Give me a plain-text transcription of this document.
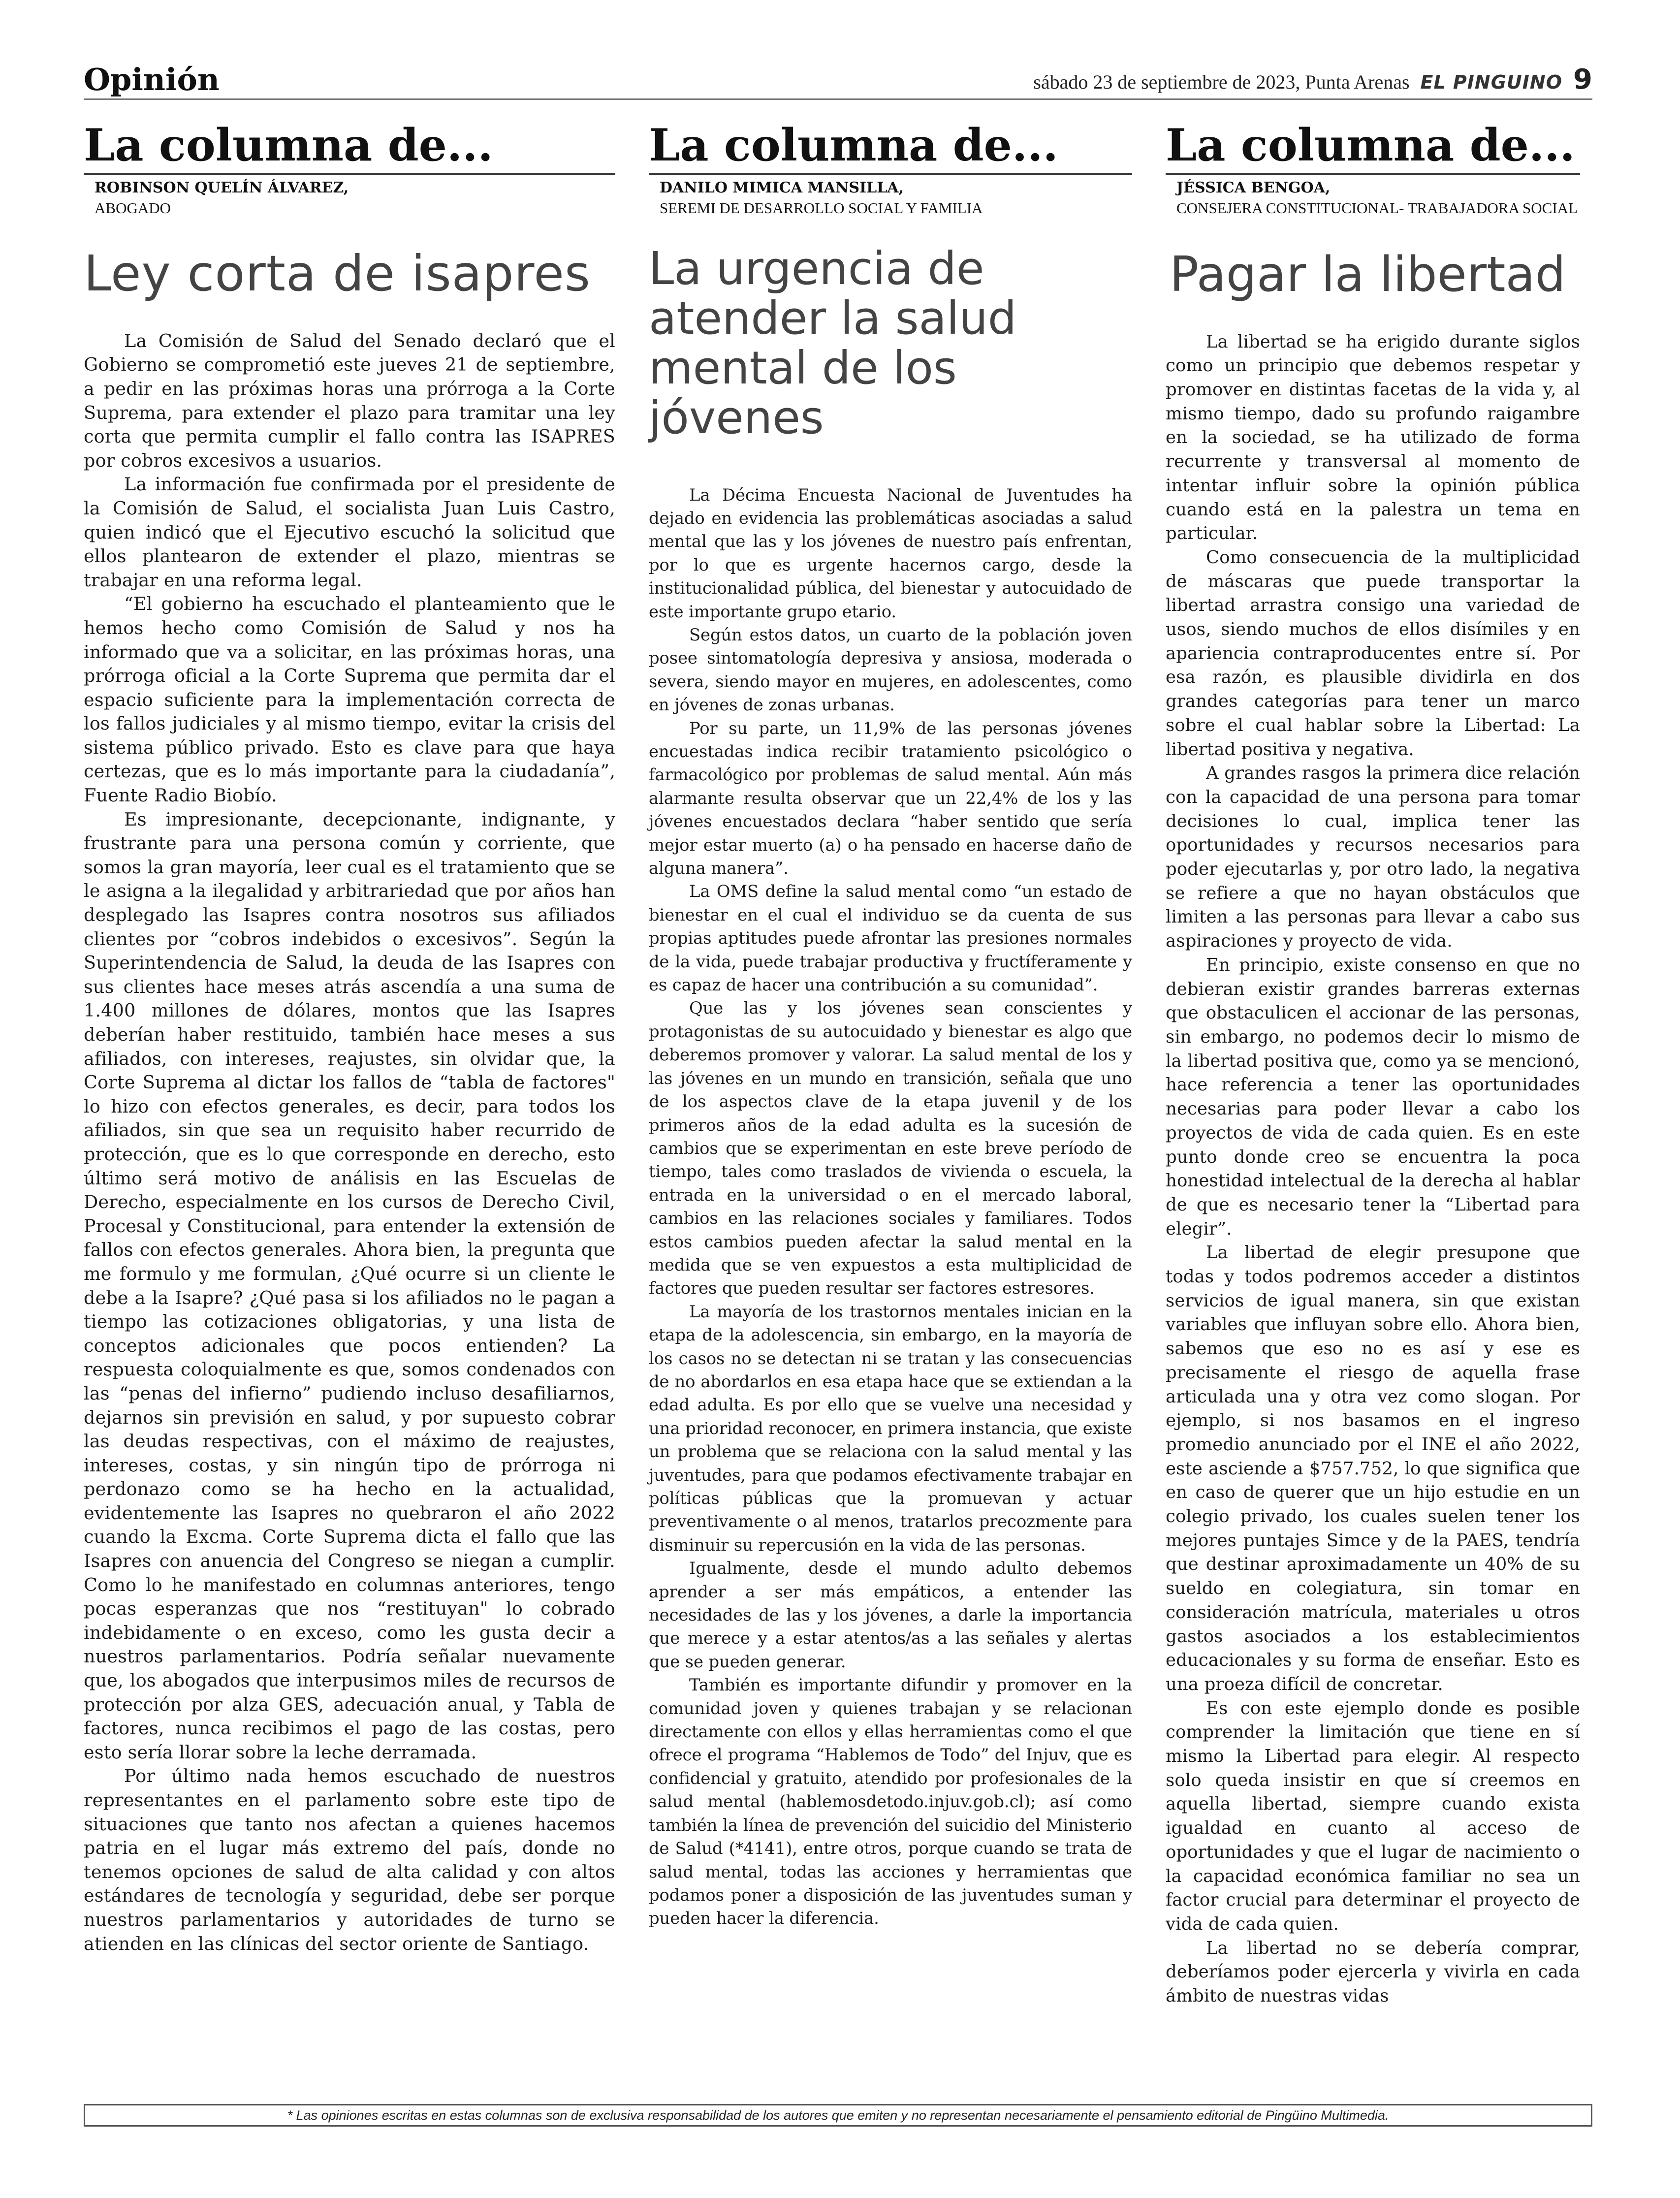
Opinión	sábado 23 de septiembre de 2023, Punta Arenas EL PINGUINO 9
La columna de...
ROBINSON QUELÍN ÁLVAREZ,
ABOGADO
Ley corta de isapres

La Comisión de Salud del Senado declaró que el Gobierno se comprometió este jueves 21 de septiembre, a pedir en las próximas horas una prórroga a la Corte Suprema, para extender el plazo para tramitar una ley corta que permita cumplir el fallo contra las ISAPRES por cobros excesivos a usuarios.

La información fue confirmada por el presidente de la Comisión de Salud, el socialista Juan Luis Castro, quien indicó que el Ejecutivo escuchó la solicitud que ellos plantearon de extender el plazo, mientras se trabajar en una reforma legal.

“El gobierno ha escuchado el planteamiento que le hemos hecho como Comisión de Salud y nos ha informado que va a solicitar, en las próximas horas, una prórroga oficial a la Corte Suprema que permita dar el espacio suficiente para la implementación correcta de los fallos judiciales y al mismo tiempo, evitar la crisis del sistema público privado. Esto es clave para que haya certezas, que es lo más importante para la ciudadanía”, Fuente Radio Biobío.

Es impresionante, decepcionante, indignante, y frustrante para una persona común y corriente, que somos la gran mayoría, leer cual es el tratamiento que se le asigna a la ilegalidad y arbitrariedad que por años han desplegado las Isapres contra nosotros sus afiliados clientes por “cobros indebidos o excesivos”. Según la Superintendencia de Salud, la deuda de las Isapres con sus clientes hace meses atrás ascendía a una suma de 1.400 millones de dólares, montos que las Isapres deberían haber restituido, también hace meses a sus afiliados, con intereses, reajustes, sin olvidar que, la Corte Suprema al dictar los fallos de “tabla de factores" lo hizo con efectos generales, es decir, para todos los afiliados, sin que sea un requisito haber recurrido de protección, que es lo que corresponde en derecho, esto último será motivo de análisis en las Escuelas de Derecho, especialmente en los cursos de Derecho Civil, Procesal y Constitucional, para entender la extensión de fallos con efectos generales. Ahora bien, la pregunta que me formulo y me formulan, ¿Qué ocurre si un cliente le debe a la Isapre? ¿Qué pasa si los afiliados no le pagan a tiempo las cotizaciones obligatorias, y una lista de conceptos adicionales que pocos entienden? La respuesta coloquialmente es que, somos condenados con las “penas del infierno” pudiendo incluso desafiliarnos, dejarnos sin previsión en salud, y por supuesto cobrar las deudas respectivas, con el máximo de reajustes, intereses, costas, y sin ningún tipo de prórroga ni perdonazo como se ha hecho en la actualidad, evidentemente las Isapres no quebraron el año 2022 cuando la Excma. Corte Suprema dicta el fallo que las Isapres con anuencia del Congreso se niegan a cumplir. Como lo he manifestado en columnas anteriores, tengo pocas esperanzas que nos “restituyan" lo cobrado indebidamente o en exceso, como les gusta decir a nuestros parlamentarios. Podría señalar nuevamente que, los abogados que interpusimos miles de recursos de protección por alza GES, adecuación anual, y Tabla de factores, nunca recibimos el pago de las costas, pero esto sería llorar sobre la leche derramada.

Por último nada hemos escuchado de nuestros representantes en el parlamento sobre este tipo de situaciones que tanto nos afectan a quienes hacemos patria en el lugar más extremo del país, donde no tenemos opciones de salud de alta calidad y con altos estándares de tecnología y seguridad, debe ser porque nuestros parlamentarios y autoridades de turno se atienden en las clínicas del sector oriente de Santiago.

La columna de...
DANILO MIMICA MANSILLA,
SEREMI DE DESARROLLO SOCIAL Y FAMILIA
La urgencia de atender la salud mental de los jóvenes

La Décima Encuesta Nacional de Juventudes ha dejado en evidencia las problemáticas asociadas a salud mental que las y los jóvenes de nuestro país enfrentan, por lo que es urgente hacernos cargo, desde la institucionalidad pública, del bienestar y autocuidado de este importante grupo etario.

Según estos datos, un cuarto de la población joven posee sintomatología depresiva y ansiosa, moderada o severa, siendo mayor en mujeres, en adolescentes, como en jóvenes de zonas urbanas.

Por su parte, un 11,9% de las personas jóvenes encuestadas indica recibir tratamiento psicológico o farmacológico por problemas de salud mental. Aún más alarmante resulta observar que un 22,4% de los y las jóvenes encuestados declara “haber sentido que sería mejor estar muerto (a) o ha pensado en hacerse daño de alguna manera”.

La OMS define la salud mental como “un estado de bienestar en el cual el individuo se da cuenta de sus propias aptitudes puede afrontar las presiones normales de la vida, puede trabajar productiva y fructíferamente y es capaz de hacer una contribución a su comunidad”.

Que las y los jóvenes sean conscientes y protagonistas de su autocuidado y bienestar es algo que deberemos promover y valorar. La salud mental de los y las jóvenes en un mundo en transición, señala que uno de los aspectos clave de la etapa juvenil y de los primeros años de la edad adulta es la sucesión de cambios que se experimentan en este breve período de tiempo, tales como traslados de vivienda o escuela, la entrada en la universidad o en el mercado laboral, cambios en las relaciones sociales y familiares. Todos estos cambios pueden afectar la salud mental en la medida que se ven expuestos a esta multiplicidad de factores que pueden resultar ser factores estresores.

La mayoría de los trastornos mentales inician en la etapa de la adolescencia, sin embargo, en la mayoría de los casos no se detectan ni se tratan y las consecuencias de no abordarlos en esa etapa hace que se extiendan a la edad adulta. Es por ello que se vuelve una necesidad y una prioridad reconocer, en primera instancia, que existe un problema que se relaciona con la salud mental y las juventudes, para que podamos efectivamente trabajar en políticas públicas que la promuevan y actuar preventivamente o al menos, tratarlos precozmente para disminuir su repercusión en la vida de las personas.

Igualmente, desde el mundo adulto debemos aprender a ser más empáticos, a entender las necesidades de las y los jóvenes, a darle la importancia que merece y a estar atentos/as a las señales y alertas que se pueden generar.

También es importante difundir y promover en la comunidad joven y quienes trabajan y se relacionan directamente con ellos y ellas herramientas como el que ofrece el programa “Hablemos de Todo” del Injuv, que es confidencial y gratuito, atendido por profesionales de la salud mental (hablemosdetodo.injuv.gob.cl); así como también la línea de prevención del suicidio del Ministerio de Salud (*4141), entre otros, porque cuando se trata de salud mental, todas las acciones y herramientas que podamos poner a disposición de las juventudes suman y pueden hacer la diferencia.

La columna de...
JÉSSICA BENGOA,
CONSEJERA CONSTITUCIONAL- TRABAJADORA SOCIAL
Pagar la libertad

La libertad se ha erigido durante siglos como un principio que debemos respetar y promover en distintas facetas de la vida y, al mismo tiempo, dado su profundo raigambre en la sociedad, se ha utilizado de forma recurrente y transversal al momento de intentar influir sobre la opinión pública cuando está en la palestra un tema en particular.

Como consecuencia de la multiplicidad de máscaras que puede transportar la libertad arrastra consigo una variedad de usos, siendo muchos de ellos disímiles y en apariencia contraproducentes entre sí. Por esa razón, es plausible dividirla en dos grandes categorías para tener un marco sobre el cual hablar sobre la Libertad: La libertad positiva y negativa.

A grandes rasgos la primera dice relación con la capacidad de una persona para tomar decisiones lo cual, implica tener las oportunidades y recursos necesarios para poder ejecutarlas y, por otro lado, la negativa se refiere a que no hayan obstáculos que limiten a las personas para llevar a cabo sus aspiraciones y proyecto de vida.

En principio, existe consenso en que no debieran existir grandes barreras externas que obstaculicen el accionar de las personas, sin embargo, no podemos decir lo mismo de la libertad positiva que, como ya se mencionó, hace referencia a tener las oportunidades necesarias para poder llevar a cabo los proyectos de vida de cada quien. Es en este punto donde creo se encuentra la poca honestidad intelectual de la derecha al hablar de que es necesario tener la “Libertad para elegir”.

La libertad de elegir presupone que todas y todos podremos acceder a distintos servicios de igual manera, sin que existan variables que influyan sobre ello. Ahora bien, sabemos que eso no es así y ese es precisamente el riesgo de aquella frase articulada una y otra vez como slogan. Por ejemplo, si nos basamos en el ingreso promedio anunciado por el INE el año 2022, este asciende a $757.752, lo que significa que en caso de querer que un hijo estudie en un colegio privado, los cuales suelen tener los mejores puntajes Simce y de la PAES, tendría que destinar aproximadamente un 40% de su sueldo en colegiatura, sin tomar en consideración matrícula, materiales u otros gastos asociados a los establecimientos educacionales y su forma de enseñar. Esto es una proeza difícil de concretar.

Es con este ejemplo donde es posible comprender la limitación que tiene en sí mismo la Libertad para elegir. Al respecto solo queda insistir en que sí creemos en aquella libertad, siempre cuando exista igualdad en cuanto al acceso de oportunidades y que el lugar de nacimiento o la capacidad económica familiar no sea un factor crucial para determinar el proyecto de vida de cada quien.

La libertad no se debería comprar, deberíamos poder ejercerla y vivirla en cada ámbito de nuestras vidas

* Las opiniones escritas en estas columnas son de exclusiva responsabilidad de los autores que emiten y no representan necesariamente el pensamiento editorial de Pingüino Multimedia.
